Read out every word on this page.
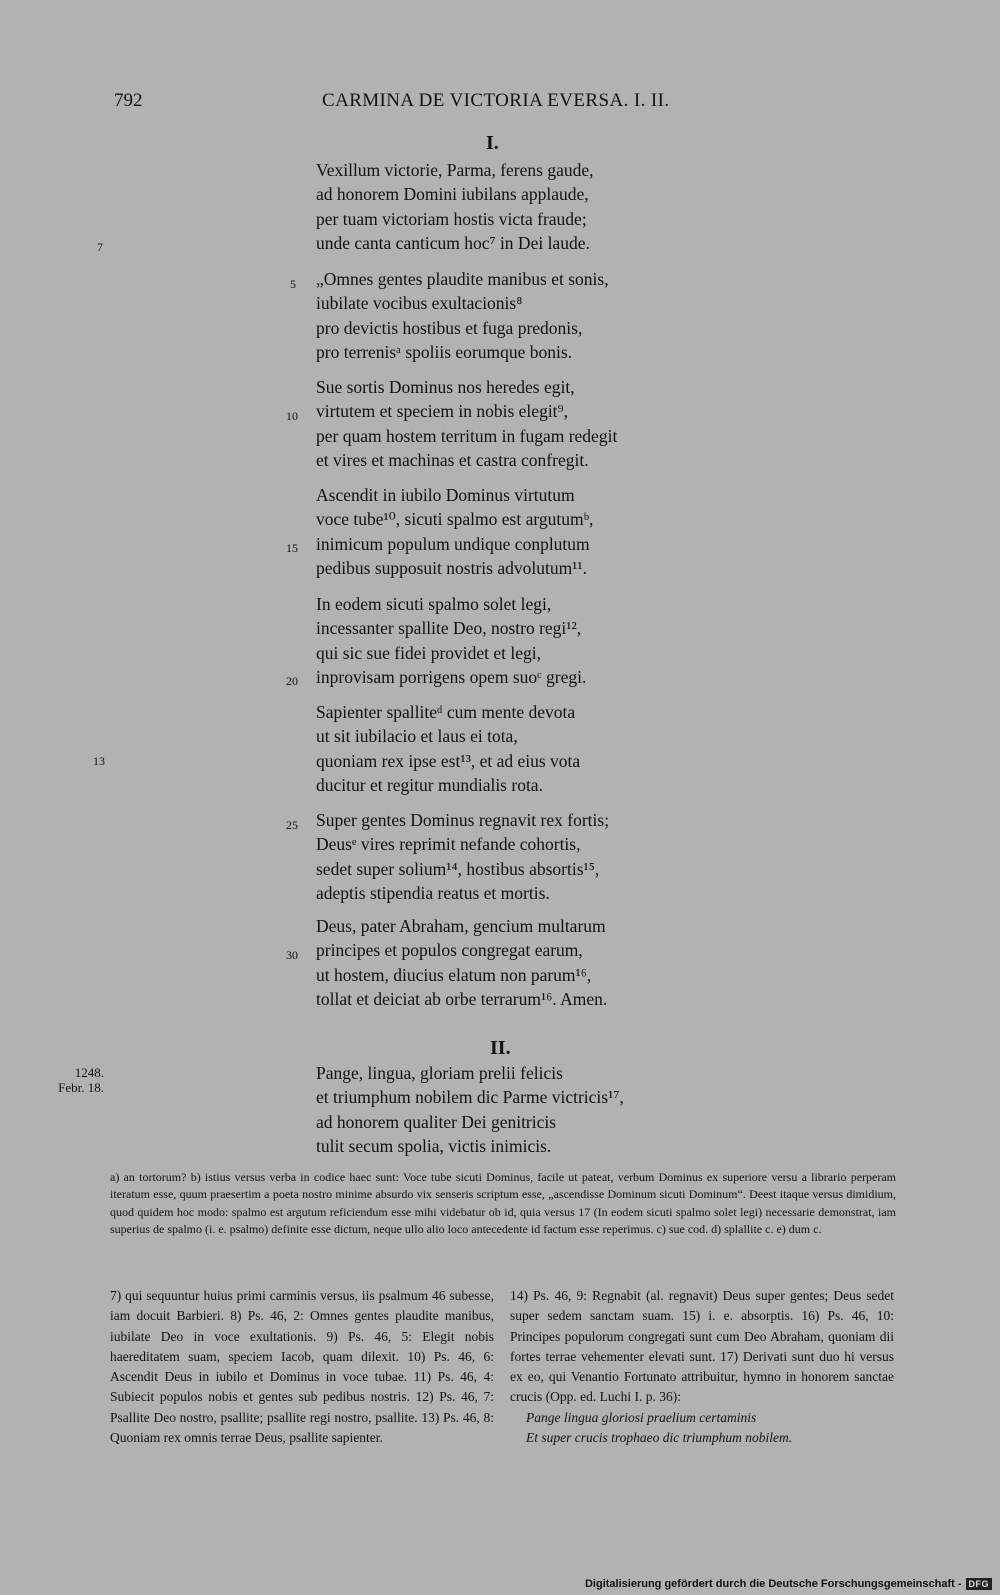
792	CARMINA DE VICTORIA EVERSA. I. II.
I.
Vexillum victorie, Parma, ferens gaude,
ad honorem Domini iubilans applaude,
per tuam victoriam hostis victa fraude;
unde canta canticum hoc⁷ in Dei laude.
„Omnes gentes plaudite manibus et sonis,
iubilate vocibus exultacionis⁸
pro devictis hostibus et fuga predonis,
pro terrenisᵃ spoliis eorumque bonis.
Sue sortis Dominus nos heredes egit,
virtutem et speciem in nobis elegit⁹,
per quam hostem territum in fugam redegit
et vires et machinas et castra confregit.
Ascendit in iubilo Dominus virtutum
voce tube¹⁰, sicuti spalmo est argutumᵇ,
inimicum populum undique conplutum
pedibus supposuit nostris advolutum¹¹.
In eodem sicuti spalmo solet legi,
incessanter spallite Deo, nostro regi¹²,
qui sic sue fidei providet et legi,
inprovisam porrigens opem suoᶜ gregi.
Sapienter spalliteᵈ cum mente devota
ut sit iubilacio et laus ei tota,
quoniam rex ipse est¹³, et ad eius vota
ducitur et regitur mundialis rota.
Super gentes Dominus regnavit rex fortis;
Deusᵉ vires reprimit nefande cohortis,
sedet super solium¹⁴, hostibus absortis¹⁵,
adeptis stipendia reatus et mortis.
Deus, pater Abraham, gencium multarum
principes et populos congregat earum,
ut hostem, diucius elatum non parum¹⁶,
tollat et deiciat ab orbe terrarum¹⁶. Amen.
5
10
15
20
25
30
7
13
II.
1248.
Febr. 18.
Pange, lingua, gloriam prelii felicis
et triumphum nobilem dic Parme victricis¹⁷,
ad honorem qualiter Dei genitricis
tulit secum spolia, victis inimicis.
a) an tortorum? b) istius versus verba in codice haec sunt: Voce tube sicuti Dominus, facile ut pateat, verbum Dominus ex superiore versu a librario perperam iteratum esse, quum praesertim a poeta nostro minime absurdo vix senseris scriptum esse, „ascendisse Dominum sicuti Dominum“. Deest itaque versus dimidium, quod quidem hoc modo: spalmo est argutum reficiendum esse mihi videbatur ob id, quia versus 17 (In eodem sicuti spalmo solet legi) necessarie demonstrat, iam superius de spalmo (i. e. psalmo) definite esse dictum, neque ullo alio loco antecedente id factum esse reperimus. c) sue cod. d) splallite c. e) dum c.
7) qui sequuntur huius primi carminis versus, iis psalmum 46 subesse, iam docuit Barbieri. 8) Ps. 46, 2: Omnes gentes plaudite manibus, iubilate Deo in voce exultationis. 9) Ps. 46, 5: Elegit nobis haereditatem suam, speciem Iacob, quam dilexit. 10) Ps. 46, 6: Ascendit Deus in iubilo et Dominus in voce tubae. 11) Ps. 46, 4: Subiecit populos nobis et gentes sub pedibus nostris. 12) Ps. 46, 7: Psallite Deo nostro, psallite; psallite regi nostro, psallite. 13) Ps. 46, 8: Quoniam rex omnis terrae Deus, psallite sapienter.
14) Ps. 46, 9: Regnabit (al. regnavit) Deus super gentes; Deus sedet super sedem sanctam suam. 15) i. e. absorptis. 16) Ps. 46, 10: Principes populorum congregati sunt cum Deo Abraham, quoniam dii fortes terrae vehementer elevati sunt. 17) Derivati sunt duo hi versus ex eo, qui Venantio Fortunato attribuitur, hymno in honorem sanctae crucis (Opp. ed. Luchi I. p. 36):
Pange lingua gloriosi praelium certaminis
Et super crucis trophaeo dic triumphum nobilem.
Digitalisierung gefördert durch die Deutsche Forschungsgemeinschaft - DFG
